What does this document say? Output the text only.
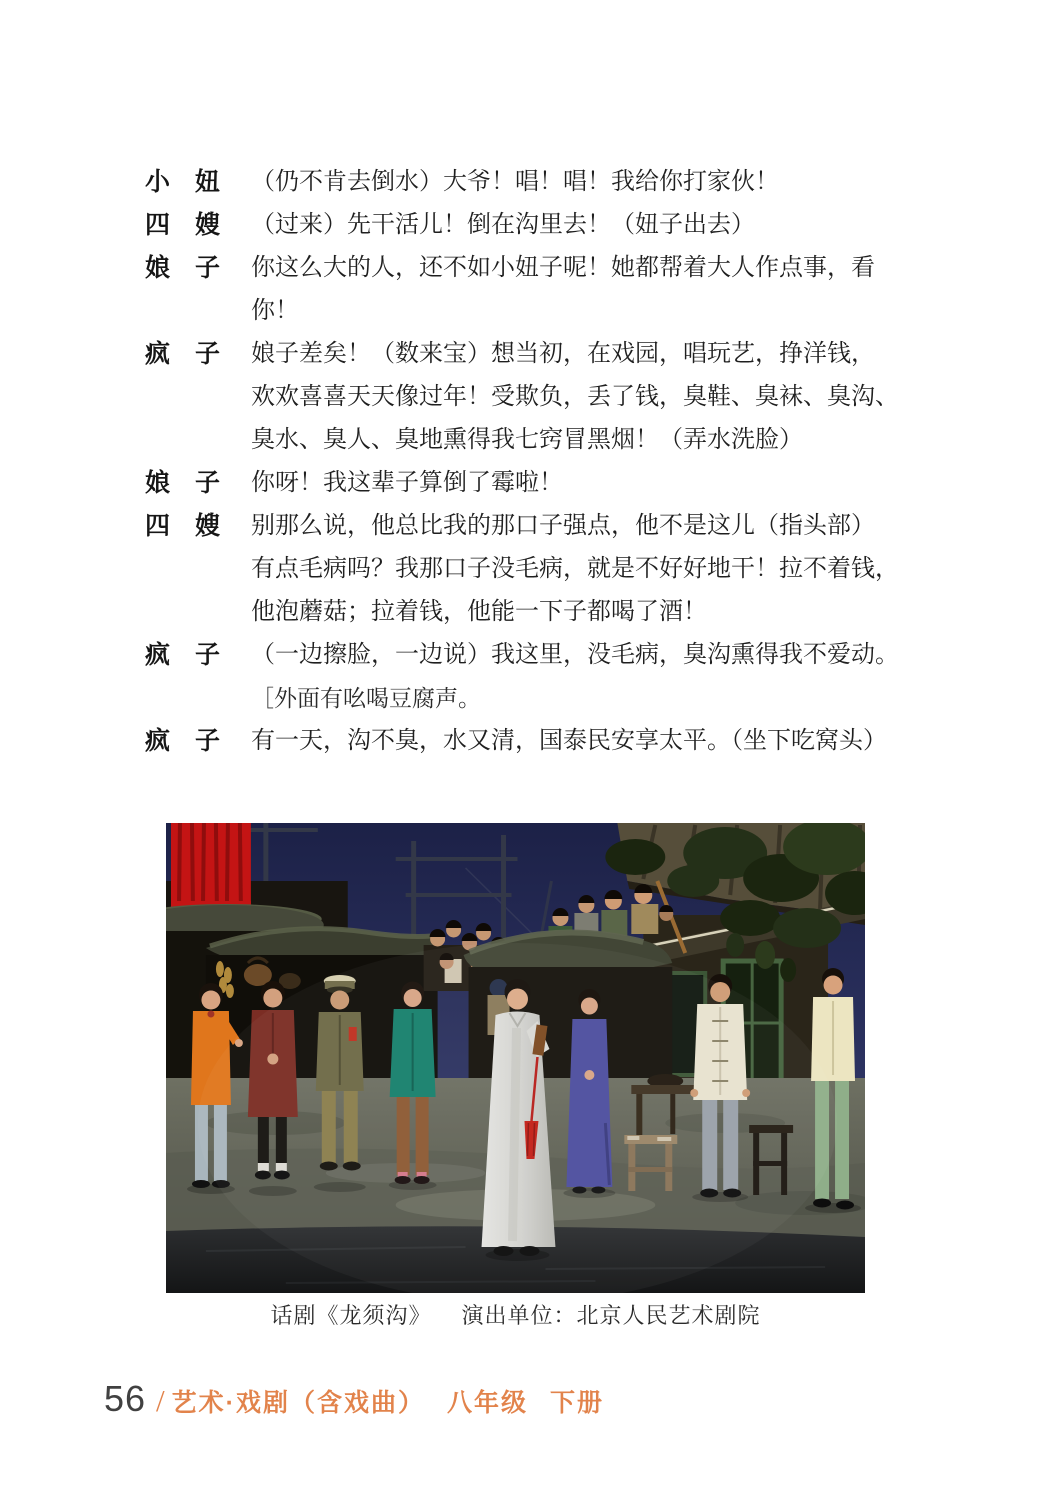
小　妞	（仍不肯去倒水）大爷！唱！唱！我给你打家伙！
四　嫂	（过来）先干活儿！倒在沟里去！（妞子出去）
娘　子	你这么大的人，还不如小妞子呢！她都帮着大人作点事，看
你！
疯　子	娘子差矣！（数来宝）想当初，在戏园，唱玩艺，挣洋钱，
欢欢喜喜天天像过年！受欺负，丢了钱，臭鞋、臭袜、臭沟、
臭水、臭人、臭地熏得我七窍冒黑烟！（弄水洗脸）
娘　子	你呀！我这辈子算倒了霉啦！
四　嫂	别那么说，他总比我的那口子强点，他不是这儿（指头部）
有点毛病吗？我那口子没毛病，就是不好好地干！拉不着钱，
他泡蘑菇；拉着钱，他能一下子都喝了酒！
疯　子	（一边擦脸，一边说）我这里，没毛病，臭沟熏得我不爱动。
［外面有吆喝豆腐声。
疯　子	有一天，沟不臭，水又清，国泰民安享太平。（坐下吃窝头）
话剧《龙须沟》 演出单位：北京人民艺术剧院
56 / 艺术·戏剧（含戏曲） 八年级 下册
